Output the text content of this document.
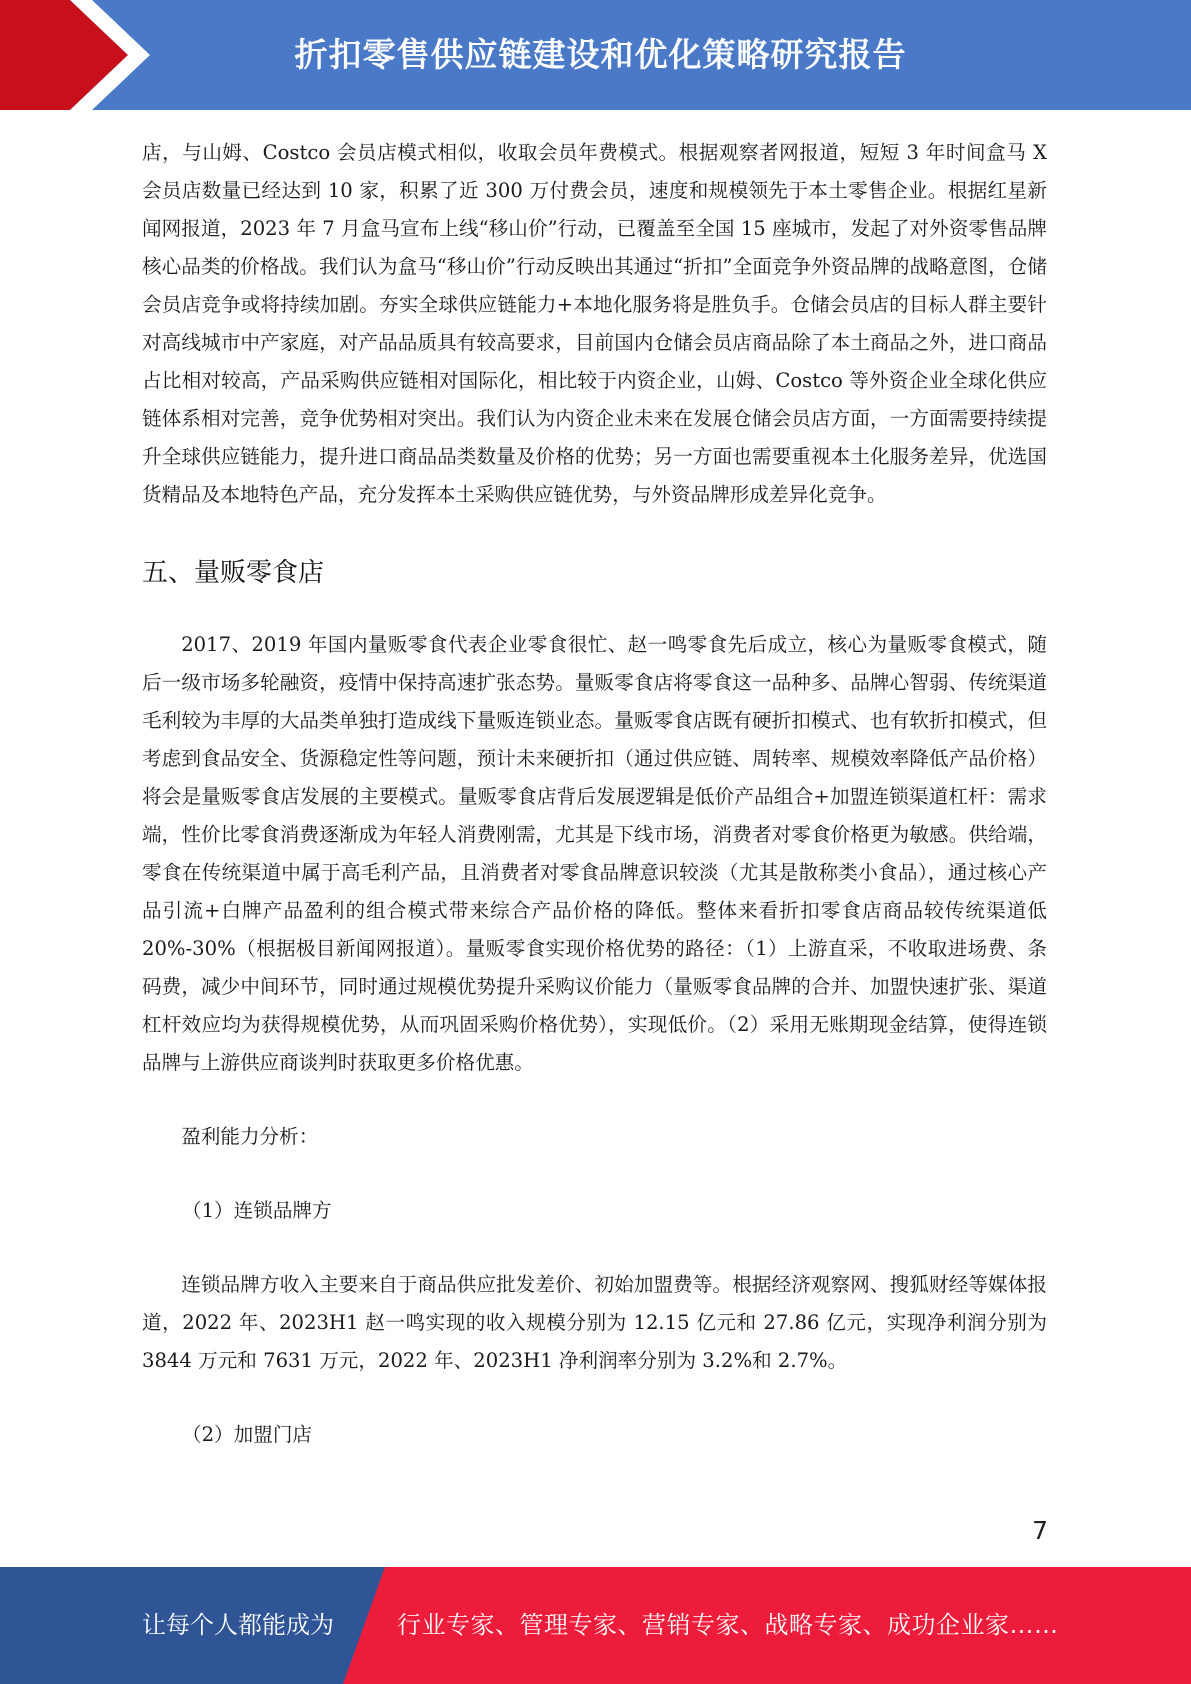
折扣零售供应链建设和优化策略研究报告

店，与山姆、Costco 会员店模式相似，收取会员年费模式。根据观察者网报道，短短 3 年时间盒马 X 会员店数量已经达到 10 家，积累了近 300 万付费会员，速度和规模领先于本土零售企业。根据红星新闻网报道，2023 年 7 月盒马宣布上线“移山价”行动，已覆盖至全国 15 座城市，发起了对外资零售品牌核心品类的价格战。我们认为盒马“移山价”行动反映出其通过“折扣”全面竞争外资品牌的战略意图，仓储会员店竞争或将持续加剧。夯实全球供应链能力+本地化服务将是胜负手。仓储会员店的目标人群主要针对高线城市中产家庭，对产品品质具有较高要求，目前国内仓储会员店商品除了本土商品之外，进口商品占比相对较高，产品采购供应链相对国际化，相比较于内资企业，山姆、Costco 等外资企业全球化供应链体系相对完善，竞争优势相对突出。我们认为内资企业未来在发展仓储会员店方面，一方面需要持续提升全球供应链能力，提升进口商品品类数量及价格的优势；另一方面也需要重视本土化服务差异，优选国货精品及本地特色产品，充分发挥本土采购供应链优势，与外资品牌形成差异化竞争。

五、量贩零食店

2017、2019 年国内量贩零食代表企业零食很忙、赵一鸣零食先后成立，核心为量贩零食模式，随后一级市场多轮融资，疫情中保持高速扩张态势。量贩零食店将零食这一品种多、品牌心智弱、传统渠道毛利较为丰厚的大品类单独打造成线下量贩连锁业态。量贩零食店既有硬折扣模式、也有软折扣模式，但考虑到食品安全、货源稳定性等问题，预计未来硬折扣（通过供应链、周转率、规模效率降低产品价格）将会是量贩零食店发展的主要模式。量贩零食店背后发展逻辑是低价产品组合+加盟连锁渠道杠杆：需求端，性价比零食消费逐渐成为年轻人消费刚需，尤其是下线市场，消费者对零食价格更为敏感。供给端，零食在传统渠道中属于高毛利产品，且消费者对零食品牌意识较淡（尤其是散称类小食品），通过核心产品引流+白牌产品盈利的组合模式带来综合产品价格的降低。整体来看折扣零食店商品较传统渠道低 20%-30%（根据极目新闻网报道）。量贩零食实现价格优势的路径：（1）上游直采，不收取进场费、条码费，减少中间环节，同时通过规模优势提升采购议价能力（量贩零食品牌的合并、加盟快速扩张、渠道杠杆效应均为获得规模优势，从而巩固采购价格优势），实现低价。（2）采用无账期现金结算，使得连锁品牌与上游供应商谈判时获取更多价格优惠。

盈利能力分析：

（1）连锁品牌方

连锁品牌方收入主要来自于商品供应批发差价、初始加盟费等。根据经济观察网、搜狐财经等媒体报道，2022 年、2023H1 赵一鸣实现的收入规模分别为 12.15 亿元和 27.86 亿元，实现净利润分别为 3844 万元和 7631 万元，2022 年、2023H1 净利润率分别为 3.2%和 2.7%。

（2）加盟门店

7
让每个人都能成为	行业专家、管理专家、营销专家、战略专家、成功企业家……
